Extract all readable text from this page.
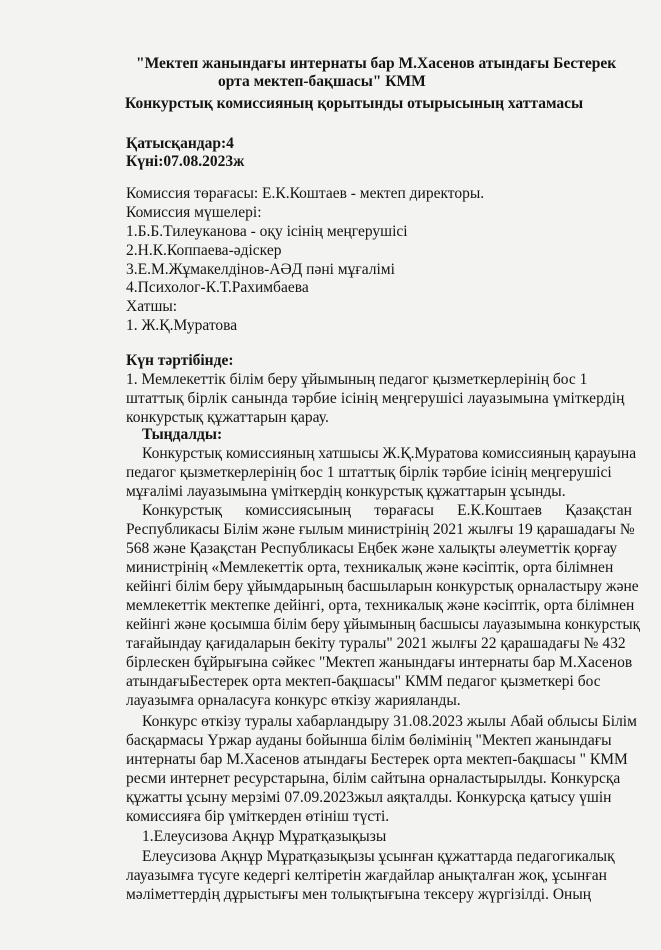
"Мектеп жанындағы интернаты бар М.Хасенов атындағы Бестерек
орта мектеп-бақшасы" КММ
Конкурстық комиссияның қорытынды отырысының хаттамасы
Қатысқандар:4
Күні:07.08.2023ж
Комиссия төрағасы: Е.К.Коштаев - мектеп директоры.
Комиссия мүшелері:
1.Б.Б.Тилеуканова - оқу ісінің меңгерушісі
2.Н.К.Коппаева-әдіскер
3.Е.М.Жұмакелдінов-АӘД пәні мұғалімі
4.Психолог-К.Т.Рахимбаева
Хатшы:
1. Ж.Қ.Муратова
Күн тәртібінде:
1. Мемлекеттік білім беру ұйымының педагог қызметкерлерінің бос 1
штаттық бірлік санында тәрбие ісінің меңгерушісі лауазымына үміткердің
конкурстық құжаттарын қарау.
Тыңдалды:
Конкурстық комиссияның хатшысы Ж.Қ.Муратова комиссияның қарауына
педагог қызметкерлерінің бос 1 штаттық бірлік тәрбие ісінің меңгерушісі
мұғалімі лауазымына үміткердің конкурстық құжаттарын ұсынды.
Конкурстық комиссиясының төрағасы Е.К.Коштаев Қазақстан
Республикасы Білім және ғылым министрінің 2021 жылғы 19 қарашадағы №
568 және Қазақстан Республикасы Еңбек және халықты әлеуметтік қорғау
министрінің «Мемлекеттік орта, техникалық және кәсіптік, орта білімнен
кейінгі білім беру ұйымдарының басшыларын конкурстық орналастыру және
мемлекеттік мектепке дейінгі, орта, техникалық және кәсіптік, орта білімнен
кейінгі және қосымша білім беру ұйымының басшысы лауазымына конкурстық
тағайындау қағидаларын бекіту туралы" 2021 жылғы 22 қарашадағы № 432
бірлескен бұйрығына сәйкес "Мектеп жанындағы интернаты бар М.Хасенов
атындағыБестерек орта мектеп-бақшасы" КММ педагог қызметкері бос
лауазымға орналасуға конкурс өткізу жарияланды.
Конкурс өткізу туралы хабарландыру 31.08.2023 жылы Абай облысы Білім
басқармасы Үржар ауданы бойынша білім бөлімінің "Мектеп жанындағы
интернаты бар М.Хасенов атындағы Бестерек орта мектеп-бақшасы " КММ
ресми интернет ресурстарына, білім сайтына орналастырылды. Конкурсқа
құжатты ұсыну мерзімі 07.09.2023жыл аяқталды. Конкурсқа қатысу үшін
комиссияға бір үміткерден өтініш түсті.
1.Елеусизова Ақнұр Мұратқазықызы
Елеусизова Ақнұр Мұратқазықызы ұсынған құжаттарда педагогикалық
лауазымға түсуге кедергі келтіретін жағдайлар анықталған жоқ, ұсынған
мәліметтердің дұрыстығы мен толықтығына тексеру жүргізілді. Оның
